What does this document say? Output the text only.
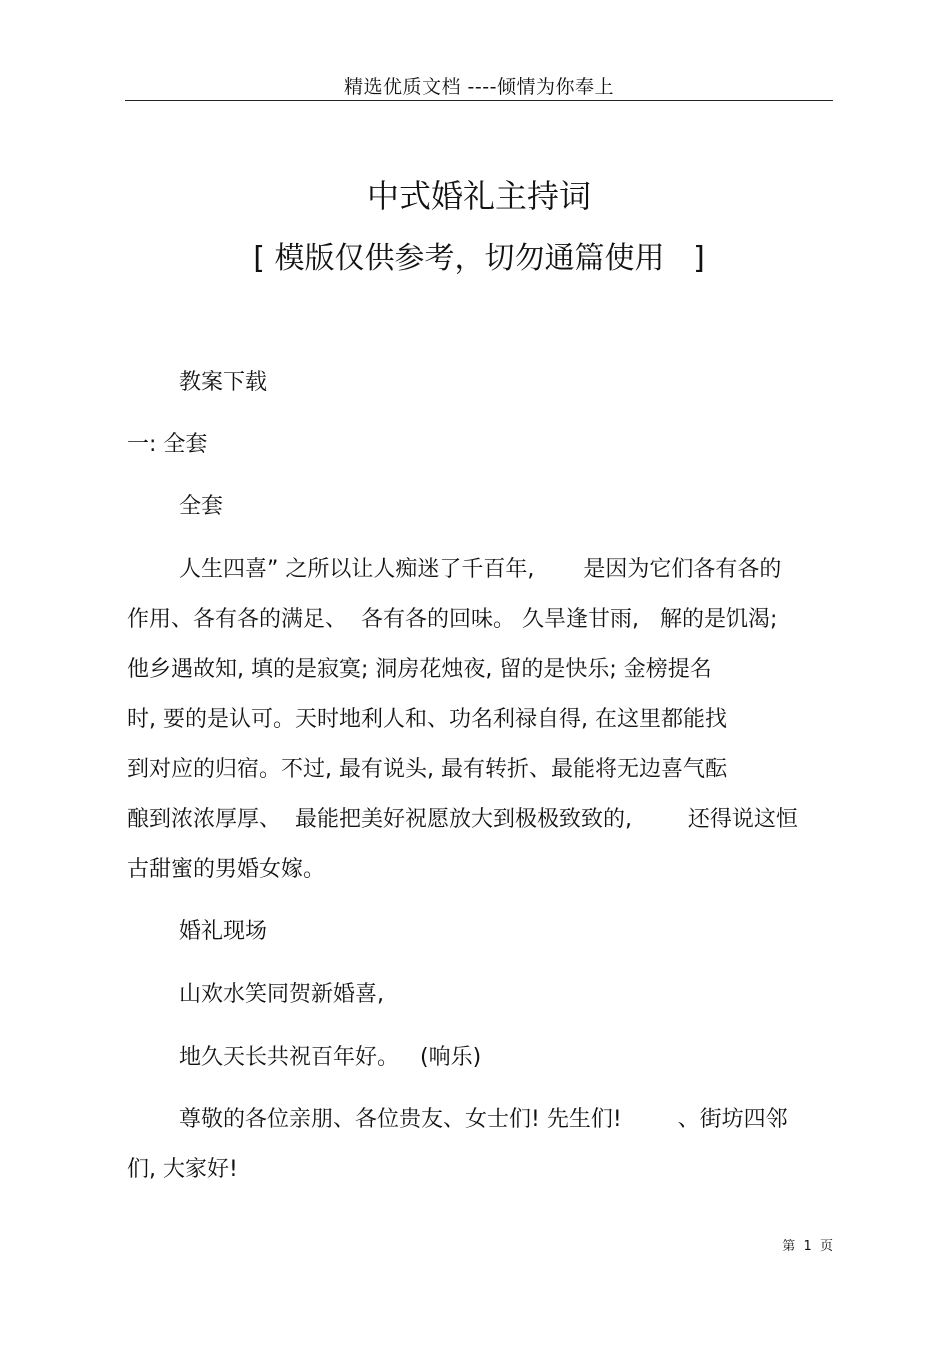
精选优质文档 ----倾情为你奉上
中式婚礼主持词
[ 模版仅供参考，切勿通篇使用   ]
教案下载
一: 全套
全套
人生四喜” 之所以让人痴迷了千百年,       是因为它们各有各的
作用、各有各的满足、  各有各的回味。 久旱逢甘雨,   解的是饥渴;
他乡遇故知, 填的是寂寞; 洞房花烛夜, 留的是快乐; 金榜提名
时, 要的是认可。天时地利人和、功名利禄自得, 在这里都能找
到对应的归宿。不过, 最有说头, 最有转折、最能将无边喜气酝
酿到浓浓厚厚、  最能把美好祝愿放大到极极致致的,        还得说这恒
古甜蜜的男婚女嫁。
婚礼现场
山欢水笑同贺新婚喜,
地久天长共祝百年好。   (响乐)
尊敬的各位亲朋、各位贵友、女士们! 先生们!        、街坊四邻
们, 大家好!
第  1  页
